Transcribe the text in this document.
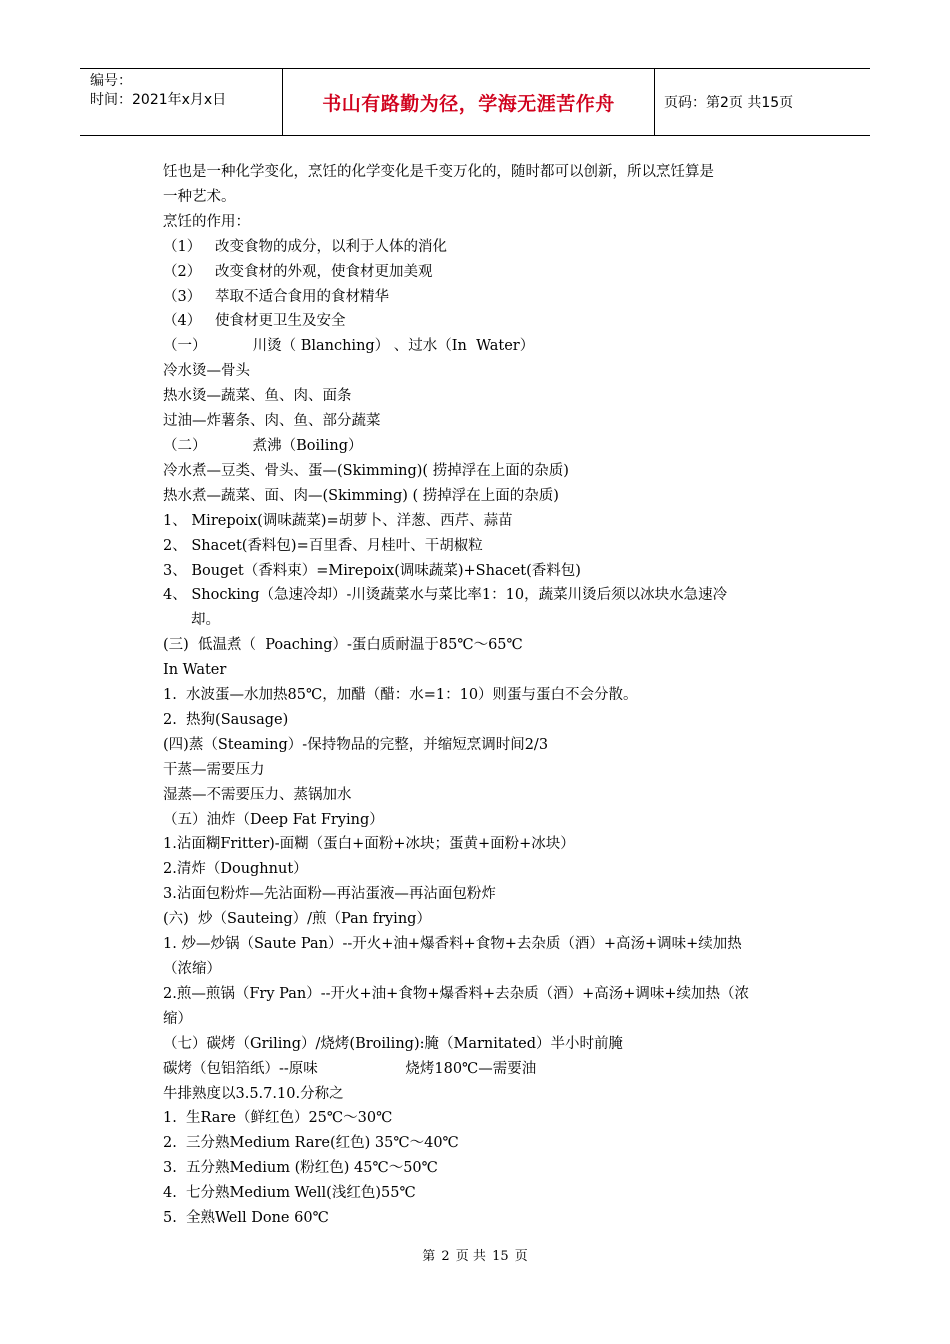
编号：
时间：2021年x月x日	书山有路勤为径，学海无涯苦作舟	页码：第2页 共15页

饪也是一种化学变化，烹饪的化学变化是千变万化的，随时都可以创新，所以烹饪算是

一种艺术。

烹饪的作用：

（1）   改变食物的成分，以利于人体的消化

（2）   改变食材的外观，使食材更加美观

（3）   萃取不适合食用的食材精华

（4）   使食材更卫生及安全

（一）          川烫（ Blanching） 、过水（In  Water）

冷水烫—骨头

热水烫—蔬菜、鱼、肉、面条

过油—炸薯条、肉、鱼、部分蔬菜

（二）          煮沸（Boiling）

冷水煮—豆类、骨头、蛋—(Skimming)( 捞掉浮在上面的杂质)

热水煮—蔬菜、面、肉—(Skimming) ( 捞掉浮在上面的杂质)

1、 Mirepoix(调味蔬菜)=胡萝卜、洋葱、西芹、蒜苗

2、 Shacet(香料包)=百里香、月桂叶、干胡椒粒

3、 Bouget（香料束）=Mirepoix(调味蔬菜)+Shacet(香料包)

4、 Shocking（急速冷却）-川烫蔬菜水与菜比率1：10，蔬菜川烫后须以冰块水急速冷

却。

(三)  低温煮（  Poaching）-蛋白质耐温于85℃～65℃

In Water

1.  水波蛋—水加热85℃，加醋（醋：水=1：10）则蛋与蛋白不会分散。

2.  热狗(Sausage)

(四)蒸（Steaming）-保持物品的完整，并缩短烹调时间2/3

干蒸—需要压力

湿蒸—不需要压力、蒸锅加水

（五）油炸（Deep Fat Frying）

1.沾面糊Fritter)-面糊（蛋白+面粉+冰块；蛋黄+面粉+冰块）

2.清炸（Doughnut）

3.沾面包粉炸—先沾面粉—再沾蛋液—再沾面包粉炸

(六)  炒（Sauteing）/煎（Pan frying）

1. 炒—炒锅（Saute Pan）--开火+油+爆香料+食物+去杂质（酒）+高汤+调味+续加热

（浓缩）

2.煎—煎锅（Fry Pan）--开火+油+食物+爆香料+去杂质（酒）+高汤+调味+续加热（浓

缩）

（七）碳烤（Griling）/烧烤(Broiling):腌（Marnitated）半小时前腌

碳烤（包铝箔纸）--原味                   烧烤180℃—需要油

牛排熟度以3.5.7.10.分称之

1.  生Rare（鲜红色）25℃～30℃

2.  三分熟Medium Rare(红色) 35℃～40℃

3.  五分熟Medium (粉红色) 45℃～50℃

4.  七分熟Medium Well(浅红色)55℃

5.  全熟Well Done 60℃

第 2 页 共 15 页
